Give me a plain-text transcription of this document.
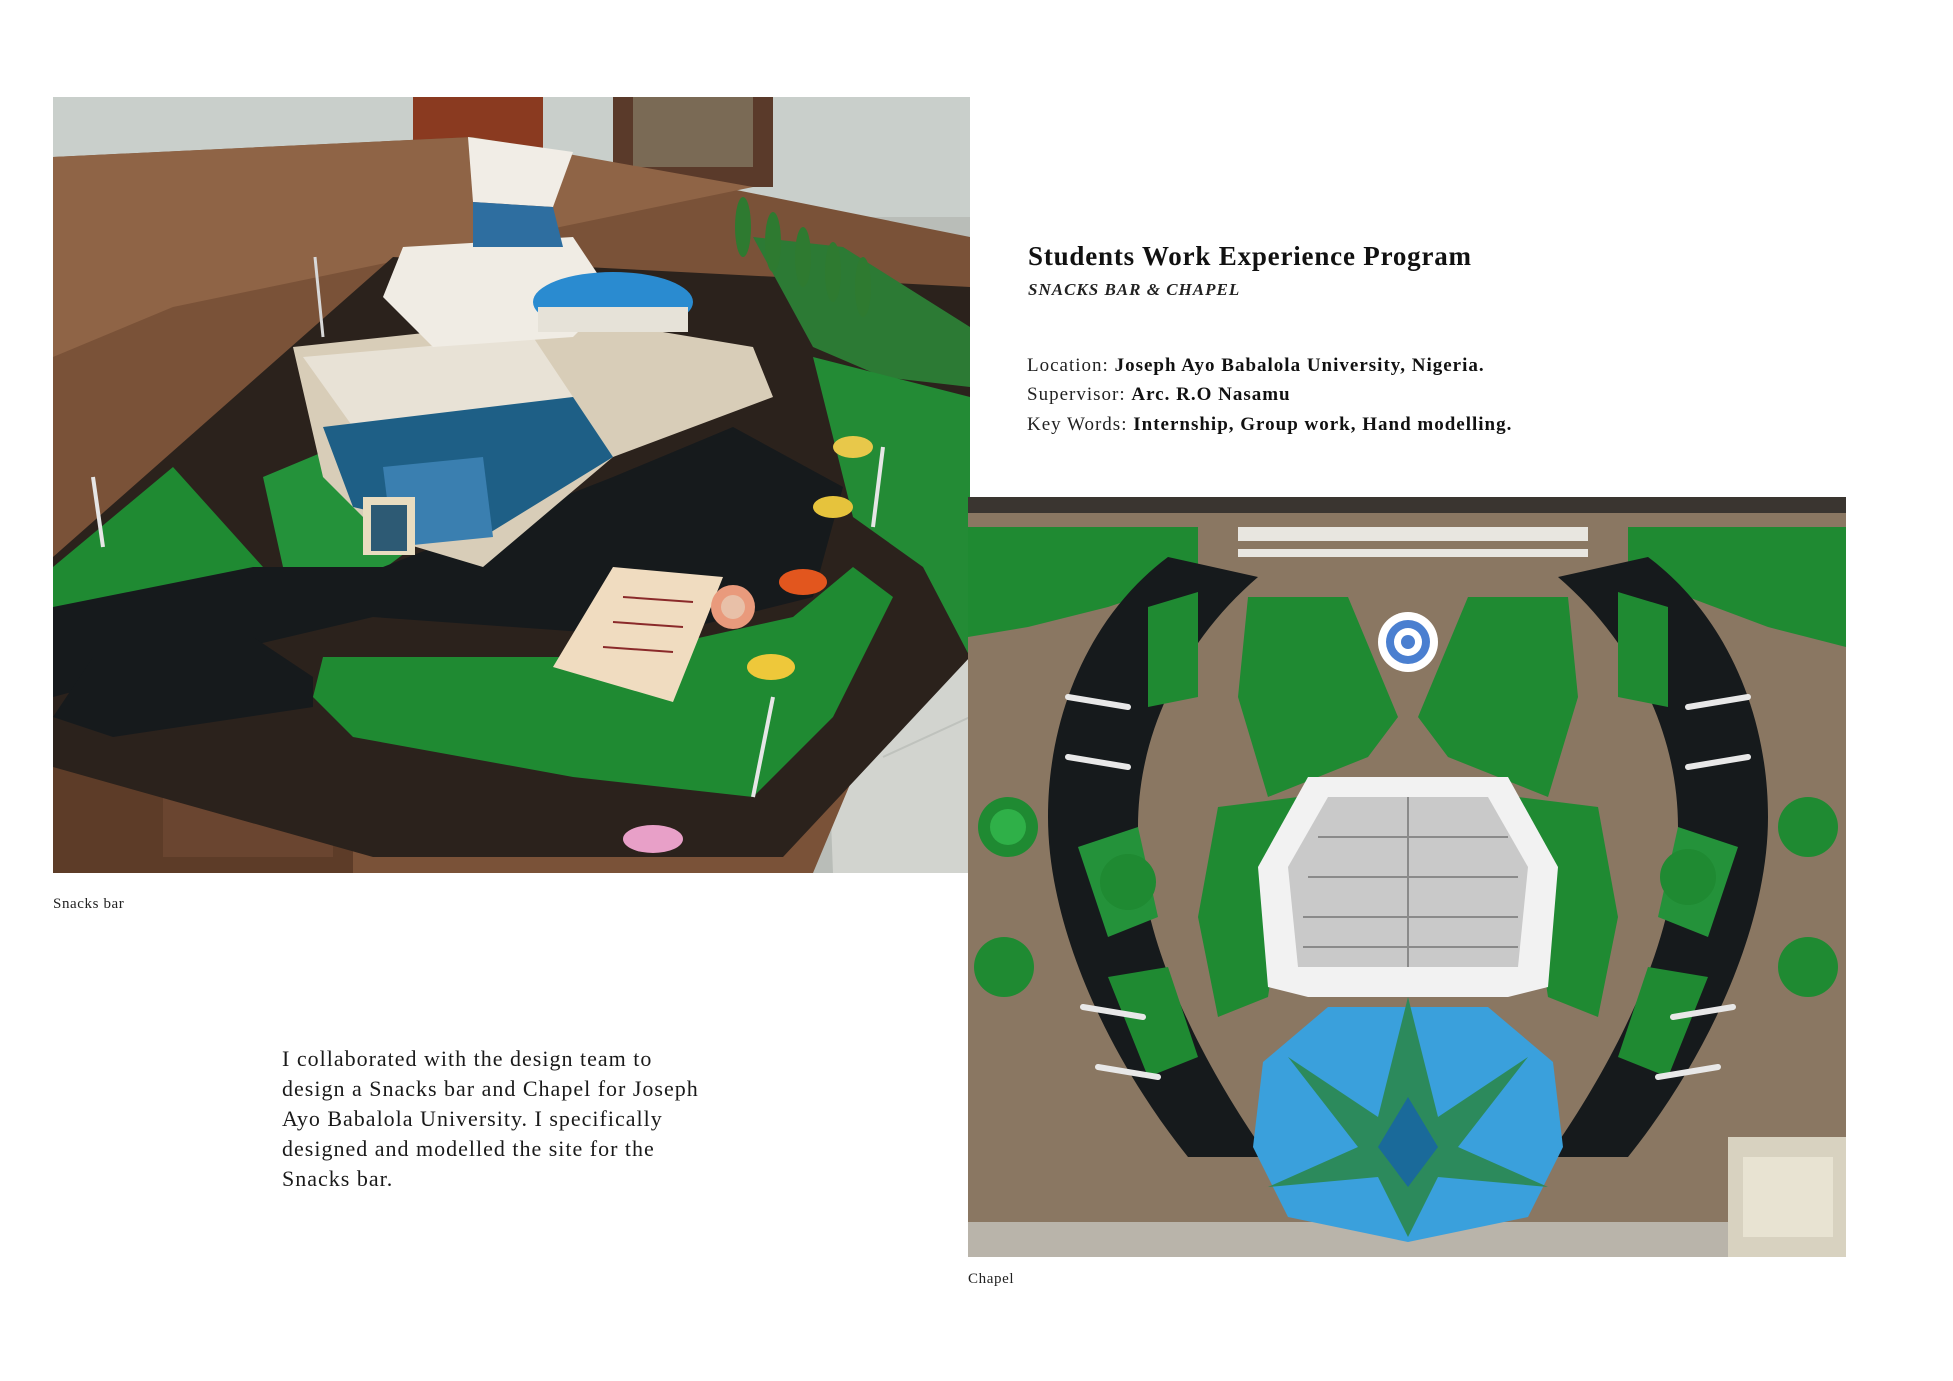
Snacks bar
Students Work Experience Program
SNACKS BAR & CHAPEL
Location: Joseph Ayo Babalola University, Nigeria.
Supervisor: Arc. R.O Nasamu
Key Words: Internship, Group work, Hand modelling.
Chapel
I collaborated with the design team to design a Snacks bar and Chapel for Joseph Ayo Babalola University. I specifically designed and modelled the site for the Snacks bar.
